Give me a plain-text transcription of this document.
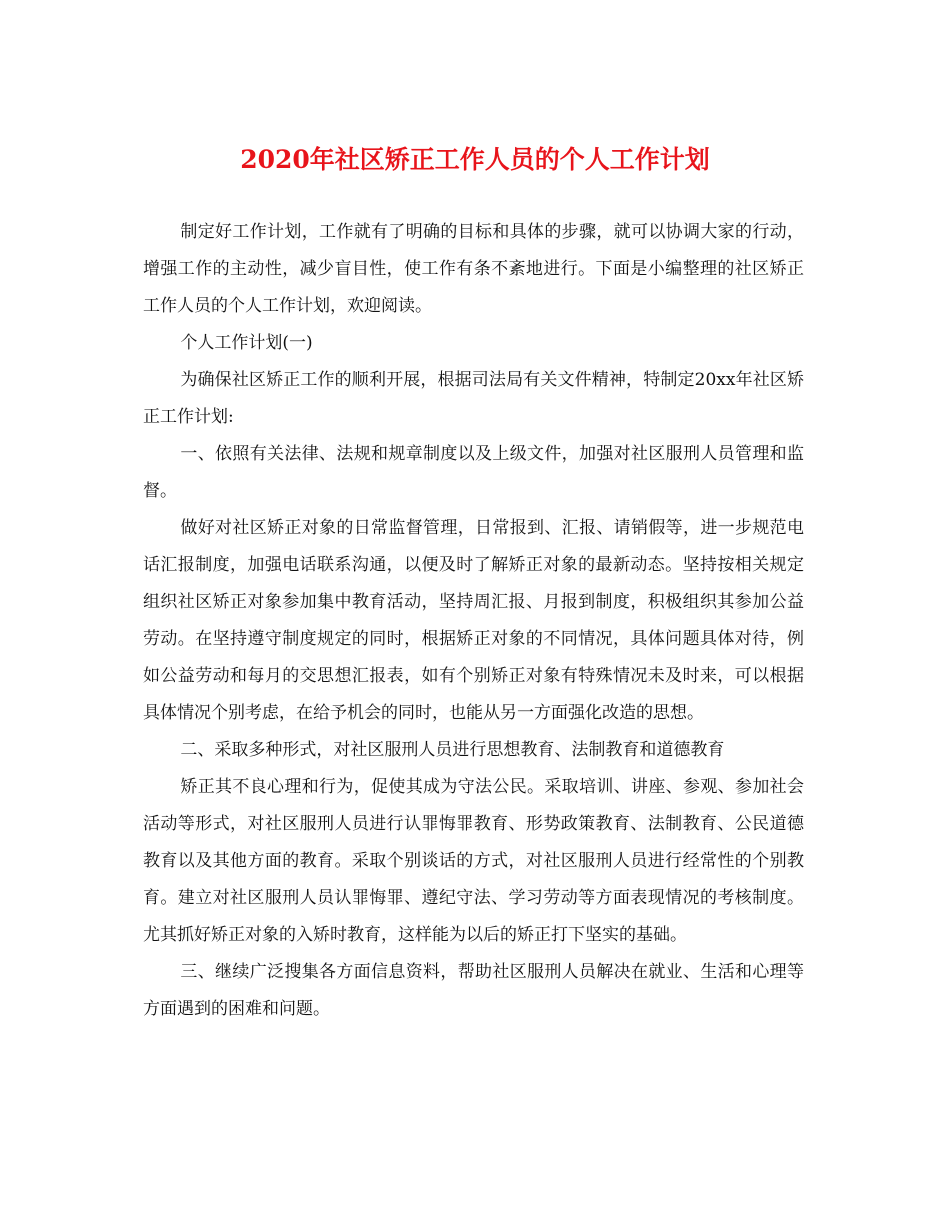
2020年社区矫正工作人员的个人工作计划

制定好工作计划，工作就有了明确的目标和具体的步骤，就可以协调大家的行动，增强工作的主动性，减少盲目性，使工作有条不紊地进行。下面是小编整理的社区矫正工作人员的个人工作计划，欢迎阅读。

个人工作计划(一)

为确保社区矫正工作的顺利开展，根据司法局有关文件精神，特制定20xx年社区矫正工作计划:

一、依照有关法律、法规和规章制度以及上级文件，加强对社区服刑人员管理和监督。

做好对社区矫正对象的日常监督管理，日常报到、汇报、请销假等，进一步规范电话汇报制度，加强电话联系沟通，以便及时了解矫正对象的最新动态。坚持按相关规定组织社区矫正对象参加集中教育活动，坚持周汇报、月报到制度，积极组织其参加公益劳动。在坚持遵守制度规定的同时，根据矫正对象的不同情况，具体问题具体对待，例如公益劳动和每月的交思想汇报表，如有个别矫正对象有特殊情况未及时来，可以根据具体情况个别考虑，在给予机会的同时，也能从另一方面强化改造的思想。

二、采取多种形式，对社区服刑人员进行思想教育、法制教育和道德教育

矫正其不良心理和行为，促使其成为守法公民。采取培训、讲座、参观、参加社会活动等形式，对社区服刑人员进行认罪悔罪教育、形势政策教育、法制教育、公民道德教育以及其他方面的教育。采取个别谈话的方式，对社区服刑人员进行经常性的个别教育。建立对社区服刑人员认罪悔罪、遵纪守法、学习劳动等方面表现情况的考核制度。尤其抓好矫正对象的入矫时教育，这样能为以后的矫正打下坚实的基础。

三、继续广泛搜集各方面信息资料，帮助社区服刑人员解决在就业、生活和心理等方面遇到的困难和问题。
